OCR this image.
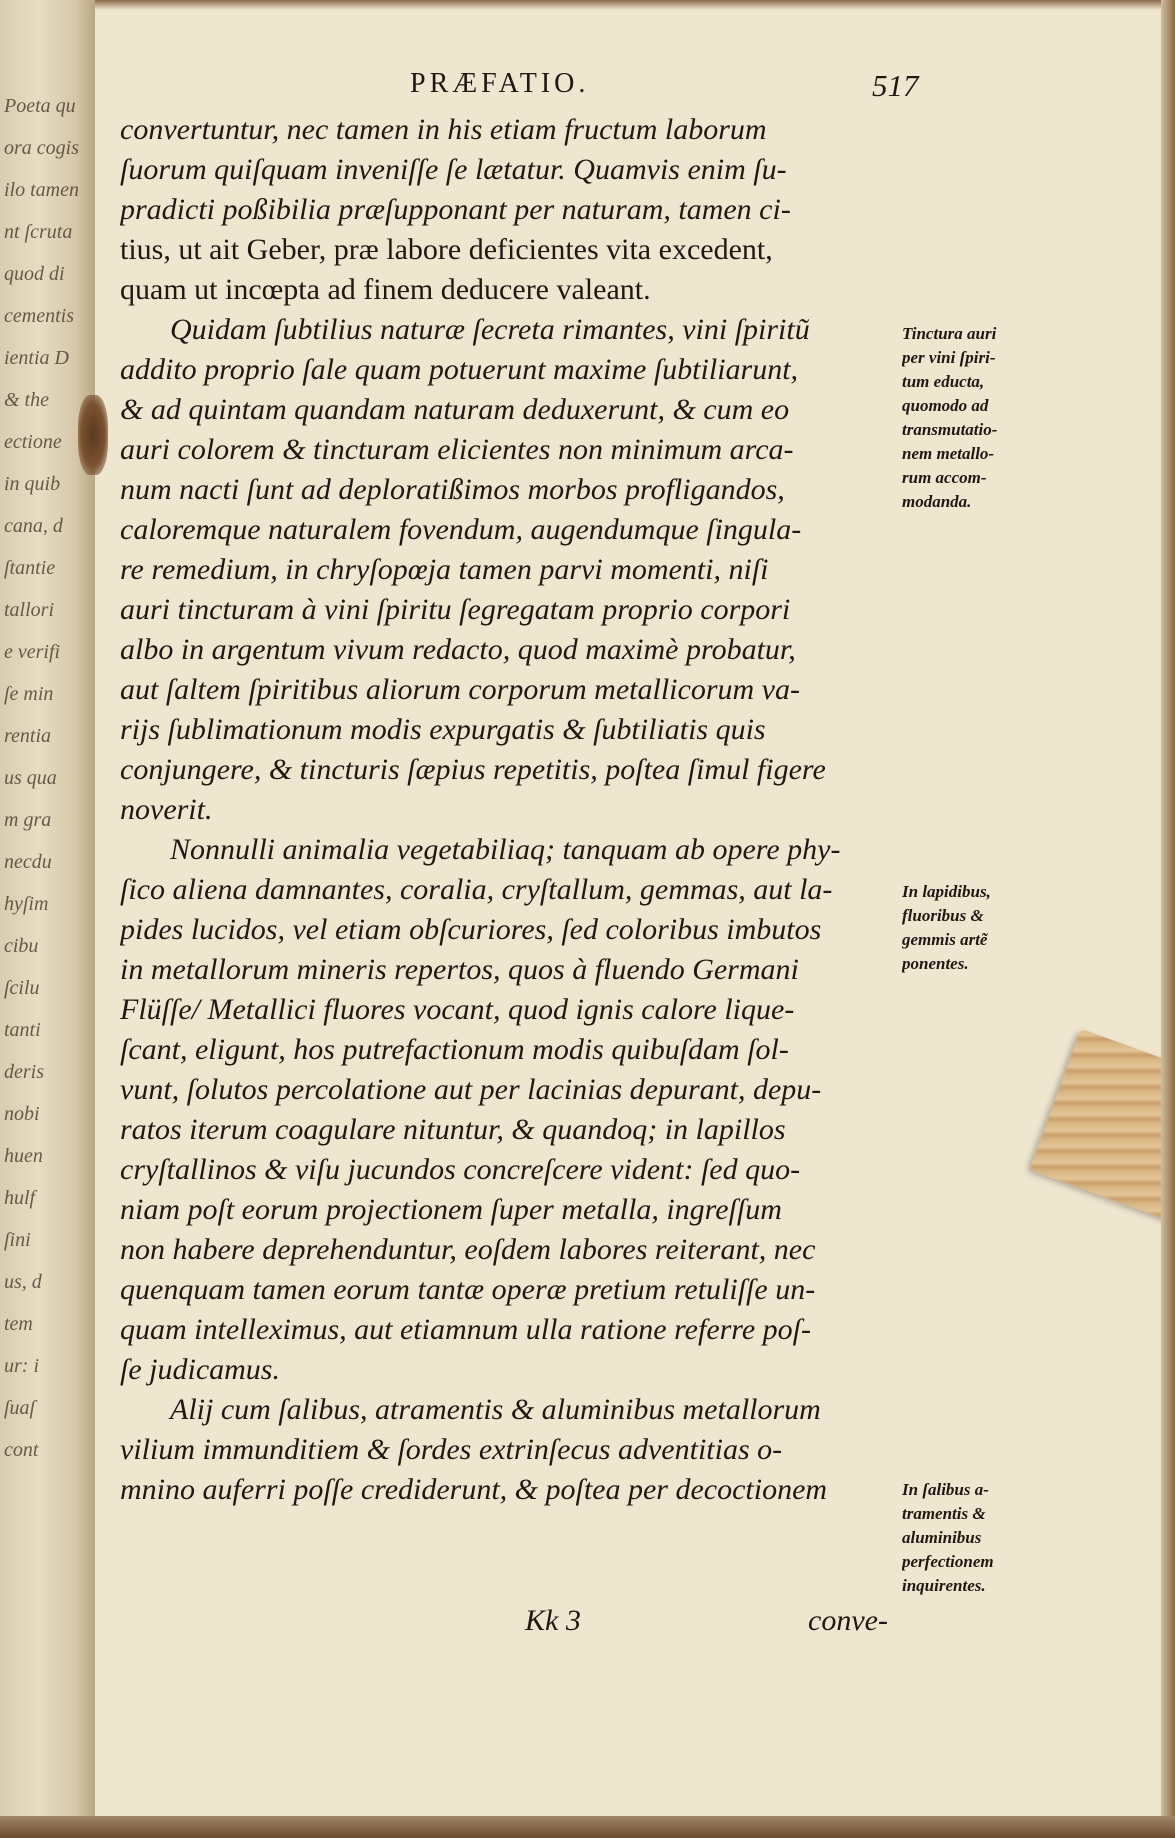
Poeta qu
ora cogis
ilo tamen
nt ſcruta
quod di
cementis
ientia D
& the
ectione
in quib
cana, d
ſtantie
tallori
e verifi
ſe min
rentia
us qua
m gra
necdu
hyſim
cibu
ſcilu
tanti
deris
nobi
huen
hulf
ſini
us, d
tem
ur: i
ſuaſ
cont
PRÆFATIO.	517
convertuntur, nec tamen in his etiam fructum laborum
ſuorum quiſquam inveniſſe ſe lætatur. Quamvis enim ſu-
pradicti poßibilia præſupponant per naturam, tamen ci-
tius, ut ait Geber, præ labore deficientes vita excedent,
quam ut incœpta ad finem deducere valeant.
Quidam ſubtilius naturæ ſecreta rimantes, vini ſpiritũ
addito proprio ſale quam potuerunt maxime ſubtiliarunt,
& ad quintam quandam naturam deduxerunt, & cum eo
auri colorem & tincturam elicientes non minimum arca-
num nacti ſunt ad deploratißimos morbos profligandos,
caloremque naturalem fovendum, augendumque ſingula-
re remedium, in chryſopœja tamen parvi momenti, niſi
auri tincturam à vini ſpiritu ſegregatam proprio corpori
albo in argentum vivum redacto, quod maximè probatur,
aut ſaltem ſpiritibus aliorum corporum metallicorum va-
rijs ſublimationum modis expurgatis & ſubtiliatis quis
conjungere, & tincturis ſæpius repetitis, poſtea ſimul figere
noverit.
Nonnulli animalia vegetabiliaq; tanquam ab opere phy-
ſico aliena damnantes, coralia, cryſtallum, gemmas, aut la-
pides lucidos, vel etiam obſcuriores, ſed coloribus imbutos
in metallorum mineris repertos, quos à fluendo Germani
Flüſſe/ Metallici fluores vocant, quod ignis calore lique-
ſcant, eligunt, hos putrefactionum modis quibuſdam ſol-
vunt, ſolutos percolatione aut per lacinias depurant, depu-
ratos iterum coagulare nituntur, & quandoq; in lapillos
cryſtallinos & viſu jucundos concreſcere vident: ſed quo-
niam poſt eorum projectionem ſuper metalla, ingreſſum
non habere deprehenduntur, eoſdem labores reiterant, nec
quenquam tamen eorum tantæ operæ pretium retuliſſe un-
quam intelleximus, aut etiamnum ulla ratione referre poſ-
ſe judicamus.
Alij cum ſalibus, atramentis & aluminibus metallorum
vilium immunditiem & ſordes extrinſecus adventitias o-
mnino auferri poſſe crediderunt, & poſtea per decoctionem
Tinctura auri
per vini ſpiri-
tum educta,
quomodo ad
transmutatio-
nem metallo-
rum accom-
modanda.
In lapidibus,
fluoribus &
gemmis artẽ
ponentes.
In ſalibus a-
tramentis &
aluminibus
perfectionem
inquirentes.
Kk 3	conve-
